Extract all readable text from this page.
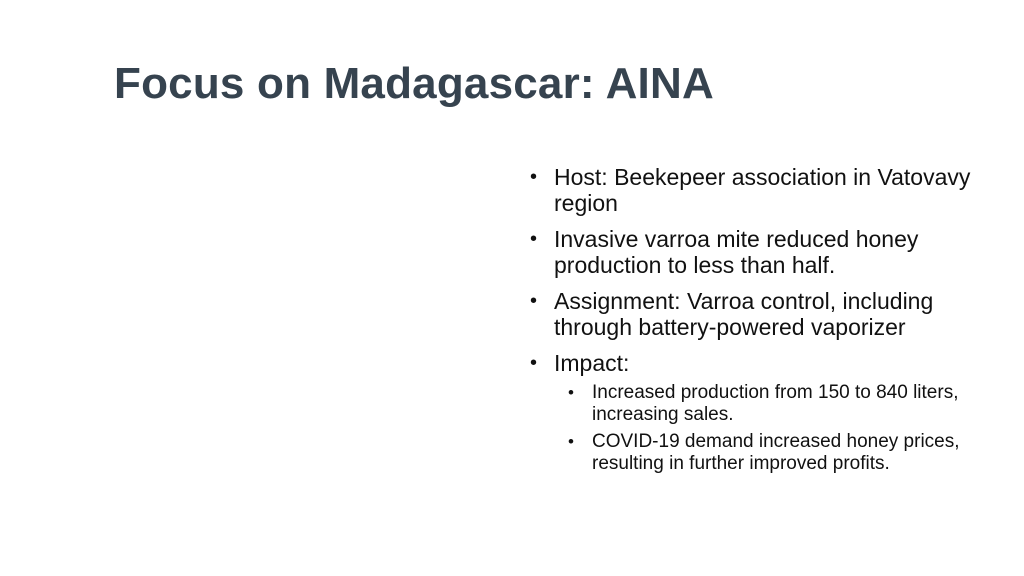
Focus on Madagascar: AINA
• Host: Beekepeer association in Vatovavy region
• Invasive varroa mite reduced honey production to less than half.
• Assignment: Varroa control, including through battery-powered vaporizer
• Impact:
• Increased production from 150 to 840 liters, increasing sales.
• COVID-19 demand increased honey prices, resulting in further improved profits.
